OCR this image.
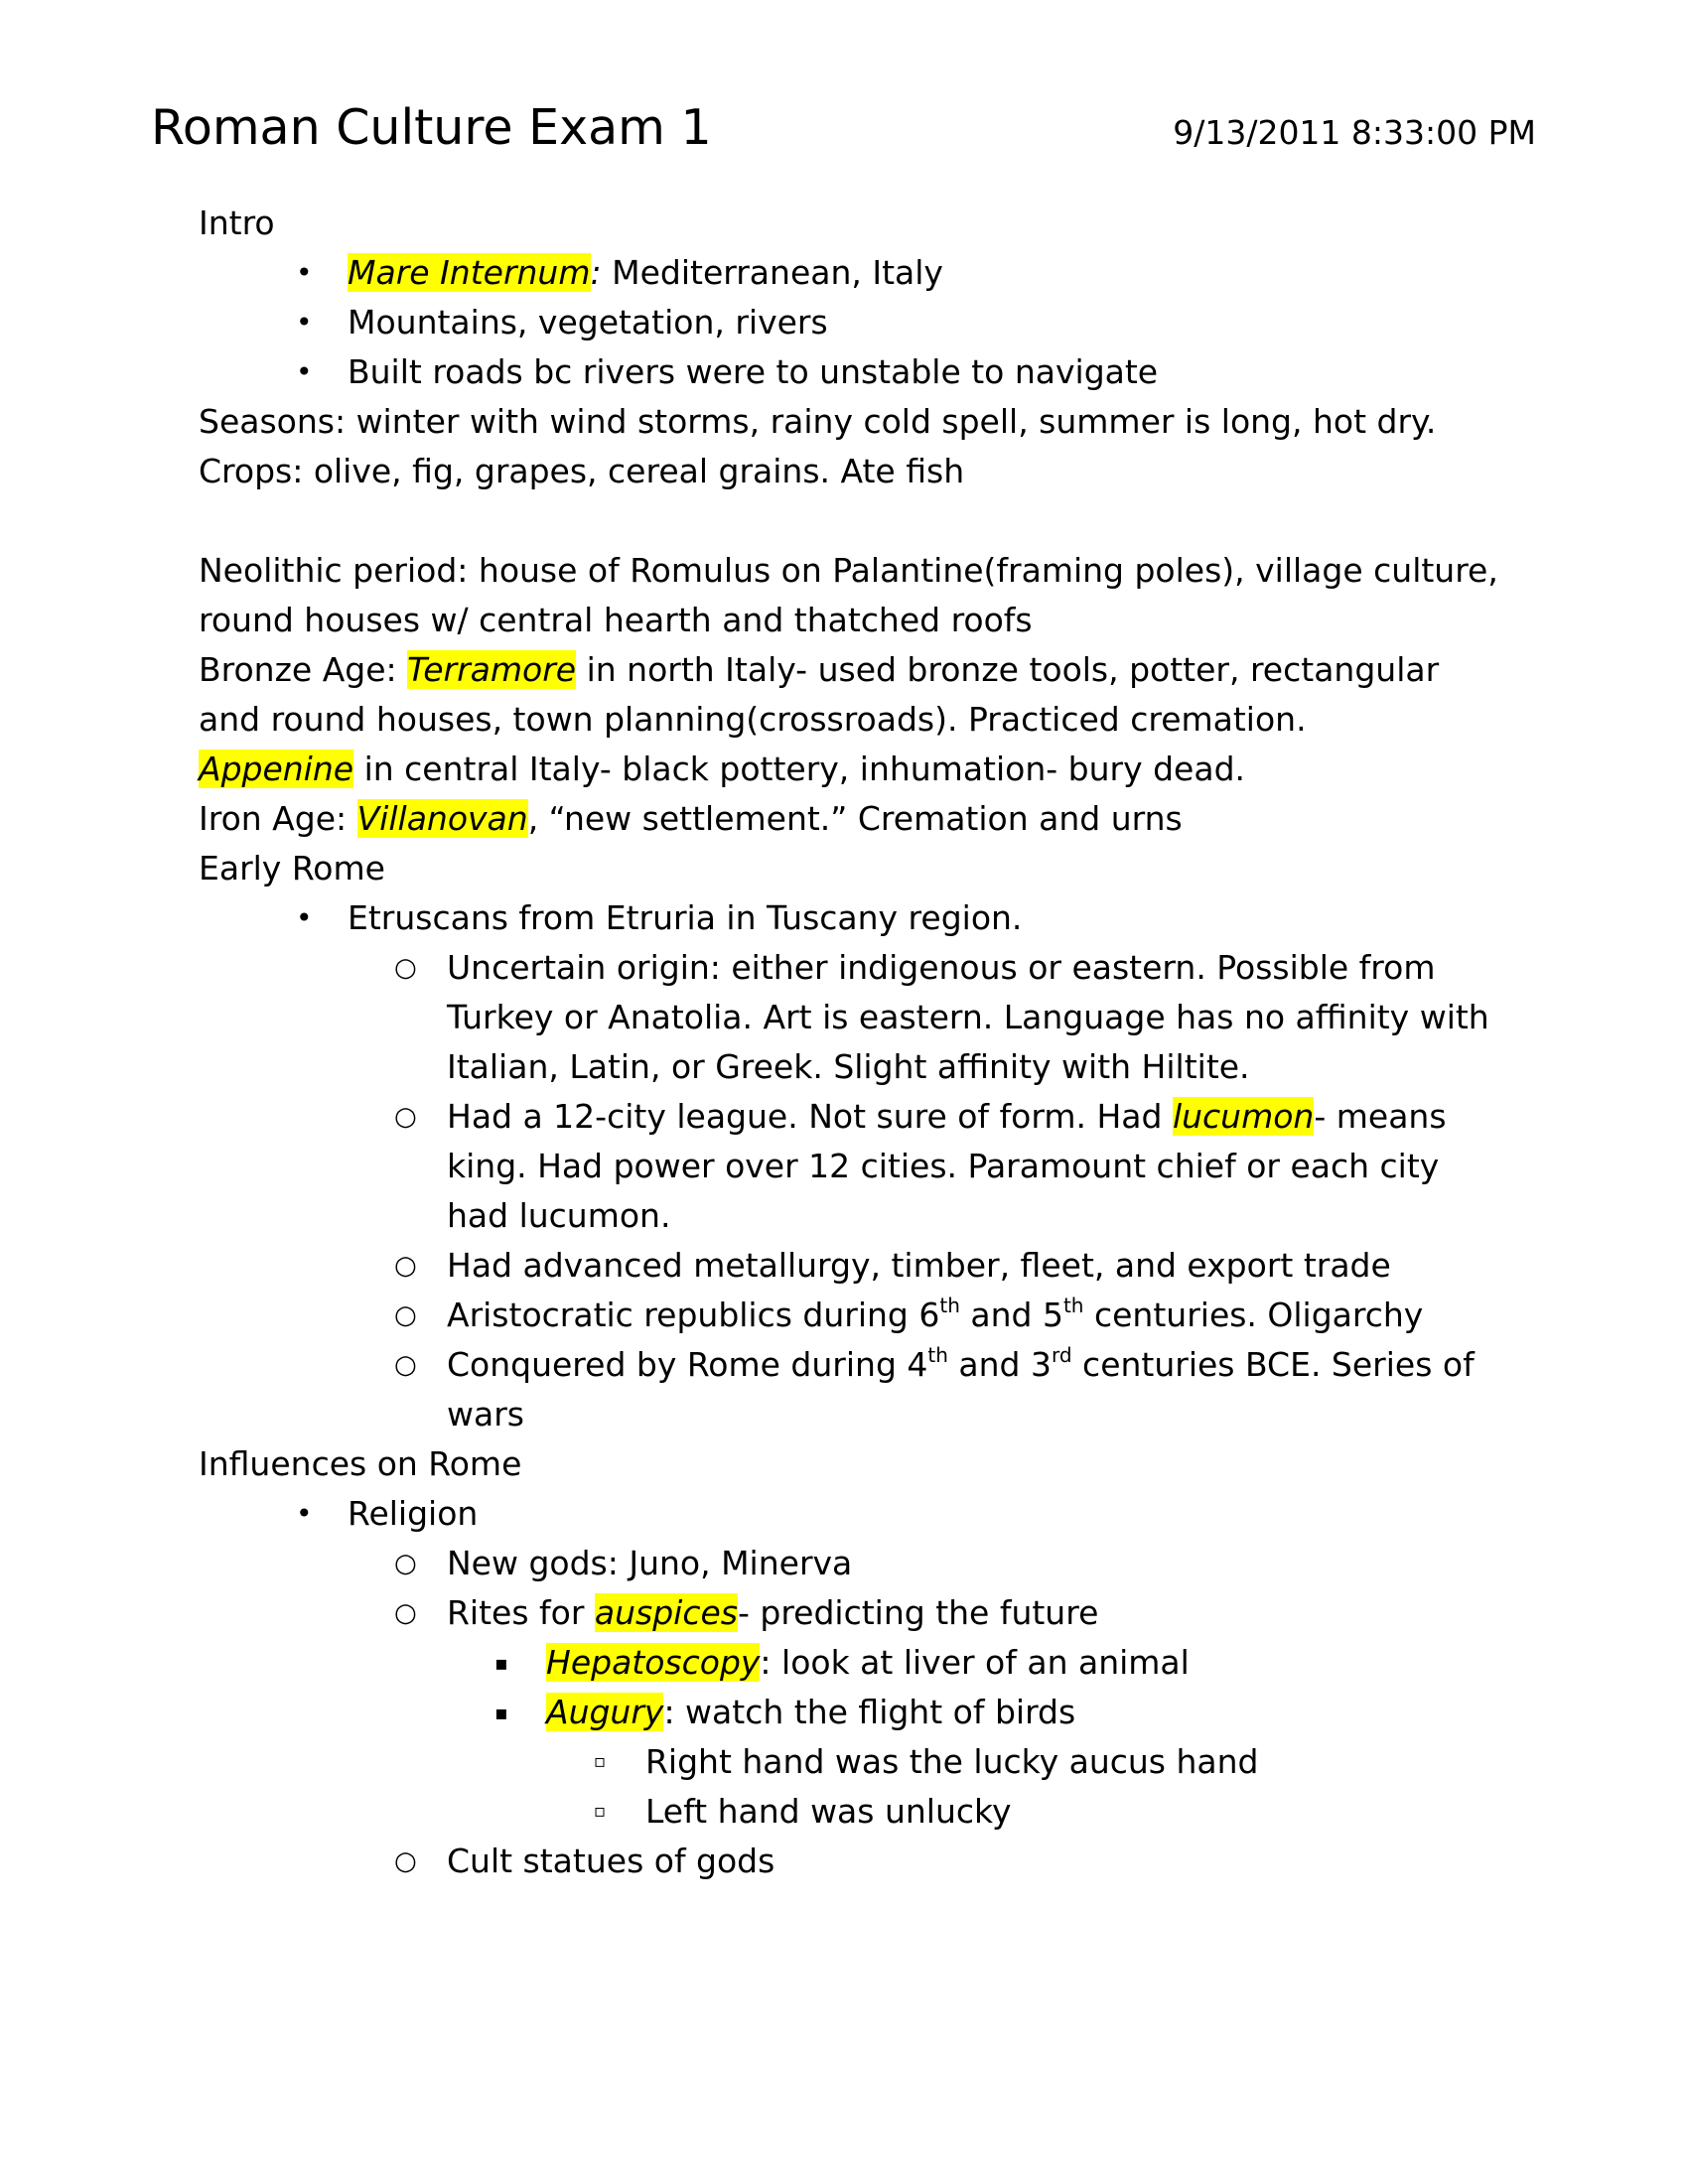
Roman Culture Exam 1	9/13/2011 8:33:00 PM

Intro

• Mare Internum: Mediterranean, Italy
• Mountains, vegetation, rivers
• Built roads bc rivers were to unstable to navigate

Seasons: winter with wind storms, rainy cold spell, summer is long, hot dry.

Crops: olive, fig, grapes, cereal grains. Ate fish

Neolithic period: house of Romulus on Palantine(framing poles), village culture, round houses w/ central hearth and thatched roofs

Bronze Age: Terramore in north Italy- used bronze tools, potter, rectangular and round houses, town planning(crossroads). Practiced cremation.

Appenine in central Italy- black pottery, inhumation- bury dead.

Iron Age: Villanovan, “new settlement.” Cremation and urns

Early Rome

• Etruscans from Etruria in Tuscany region.
○ Uncertain origin: either indigenous or eastern. Possible from Turkey or Anatolia. Art is eastern. Language has no affinity with Italian, Latin, or Greek. Slight affinity with Hiltite.
○ Had a 12-city league. Not sure of form. Had lucumon- means king. Had power over 12 cities. Paramount chief or each city had lucumon.
○ Had advanced metallurgy, timber, fleet, and export trade
○ Aristocratic republics during 6th and 5th centuries. Oligarchy
○ Conquered by Rome during 4th and 3rd centuries BCE. Series of wars

Influences on Rome

• Religion
○ New gods: Juno, Minerva
○ Rites for auspices- predicting the future
▪ Hepatoscopy: look at liver of an animal
▪ Augury: watch the flight of birds
▫ Right hand was the lucky aucus hand
▫ Left hand was unlucky
○ Cult statues of gods
